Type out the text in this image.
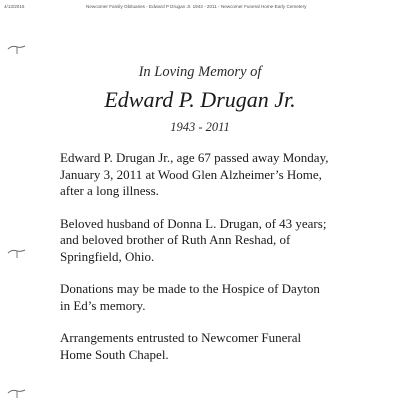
4/13/2015	Newcomer Family Obituaries - Edward P Drugan Jr. 1943 - 2011 - Newcomer Funeral Home-Early Cemetery
In Loving Memory of
Edward P. Drugan Jr.
1943 - 2011

Edward P. Drugan Jr., age 67 passed away Monday,
January 3, 2011 at Wood Glen Alzheimer’s Home,
after a long illness.

Beloved husband of Donna L. Drugan, of 43 years;
and beloved brother of Ruth Ann Reshad, of
Springfield, Ohio.

Donations may be made to the Hospice of Dayton
in Ed’s memory.

Arrangements entrusted to Newcomer Funeral
Home South Chapel.
